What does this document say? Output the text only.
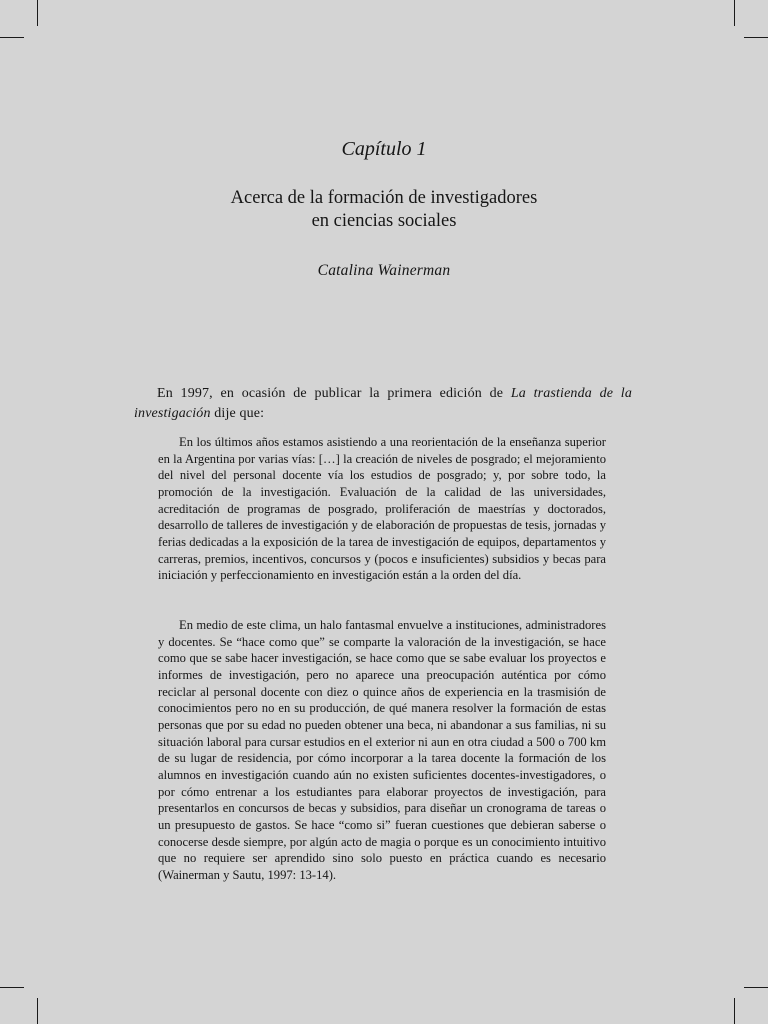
Capítulo 1
Acerca de la formación de investigadores
en ciencias sociales
Catalina Wainerman

En 1997, en ocasión de publicar la primera edición de La trastienda de la investigación dije que:

En los últimos años estamos asistiendo a una reorientación de la enseñanza superior en la Argentina por varias vías: […] la creación de niveles de posgrado; el mejoramiento del nivel del personal docente vía los estudios de posgrado; y, por sobre todo, la promoción de la investigación. Evaluación de la calidad de las universidades, acreditación de programas de posgrado, proliferación de maestrías y doctorados, desarrollo de talleres de investigación y de elaboración de propuestas de tesis, jornadas y ferias dedicadas a la exposición de la tarea de investigación de equipos, departamentos y carreras, premios, incentivos, concursos y (pocos e insuficientes) subsidios y becas para iniciación y perfeccionamiento en investigación están a la orden del día.

En medio de este clima, un halo fantasmal envuelve a instituciones, administradores y docentes. Se “hace como que” se comparte la valoración de la investigación, se hace como que se sabe hacer investigación, se hace como que se sabe evaluar los proyectos e informes de investigación, pero no aparece una preocupación auténtica por cómo reciclar al personal docente con diez o quince años de experiencia en la trasmisión de conocimientos pero no en su producción, de qué manera resolver la formación de estas personas que por su edad no pueden obtener una beca, ni abandonar a sus familias, ni su situación laboral para cursar estudios en el exterior ni aun en otra ciudad a 500 o 700 km de su lugar de residencia, por cómo incorporar a la tarea docente la formación de los alumnos en investigación cuando aún no existen suficientes docentes-investigadores, o por cómo entrenar a los estudiantes para elaborar proyectos de investigación, para presentarlos en concursos de becas y subsidios, para diseñar un cronograma de tareas o un presupuesto de gastos. Se hace “como si” fueran cuestiones que debieran saberse o conocerse desde siempre, por algún acto de magia o porque es un conocimiento intuitivo que no requiere ser aprendido sino solo puesto en práctica cuando es necesario (Wainerman y Sautu, 1997: 13-14).
